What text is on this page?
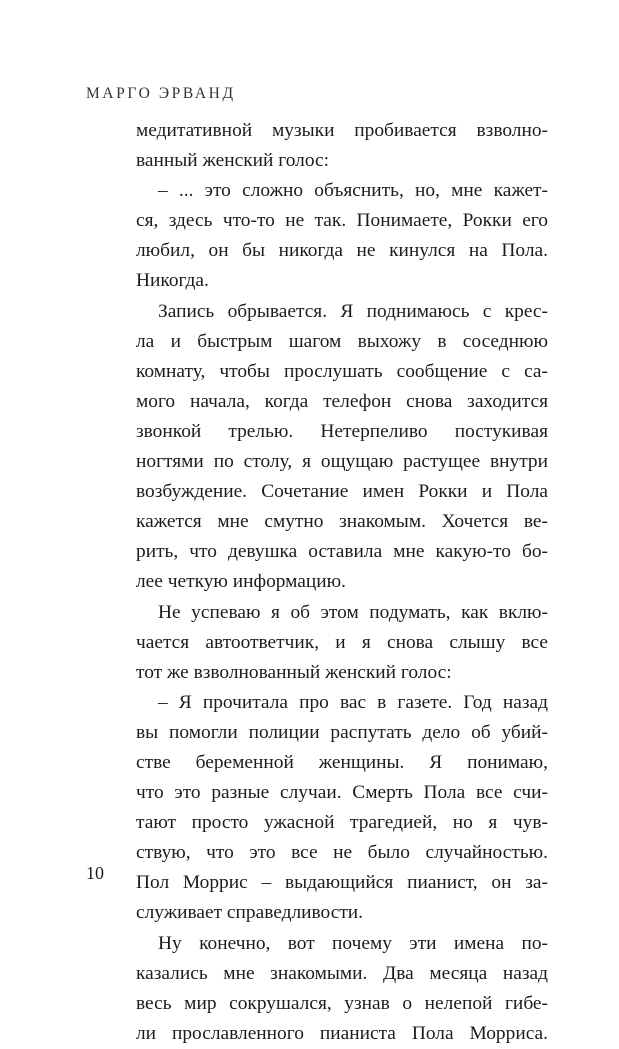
МАРГО ЭРВАНД
медитативной музыки пробивается взволно-
ванный женский голос:
– ... это сложно объяснить, но, мне кажет-
ся, здесь что-то не так. Понимаете, Рокки его
любил, он бы никогда не кинулся на Пола.
Никогда.
Запись обрывается. Я поднимаюсь с крес-
ла и быстрым шагом выхожу в соседнюю
комнату, чтобы прослушать сообщение с са-
мого начала, когда телефон снова заходится
звонкой трелью. Нетерпеливо постукивая
ногтями по столу, я ощущаю растущее внутри
возбуждение. Сочетание имен Рокки и Пола
кажется мне смутно знакомым. Хочется ве-
рить, что девушка оставила мне какую-то бо-
лее четкую информацию.
Не успеваю я об этом подумать, как вклю-
чается автоответчик, и я снова слышу все
тот же взволнованный женский голос:
– Я прочитала про вас в газете. Год назад
вы помогли полиции распутать дело об убий-
стве беременной женщины. Я понимаю,
что это разные случаи. Смерть Пола все счи-
тают просто ужасной трагедией, но я чув-
ствую, что это все не было случайностью.
Пол Моррис – выдающийся пианист, он за-
служивает справедливости.
Ну конечно, вот почему эти имена по-
казались мне знакомыми. Два месяца назад
весь мир сокрушался, узнав о нелепой гибе-
ли прославленного пианиста Пола Морриса.
10
